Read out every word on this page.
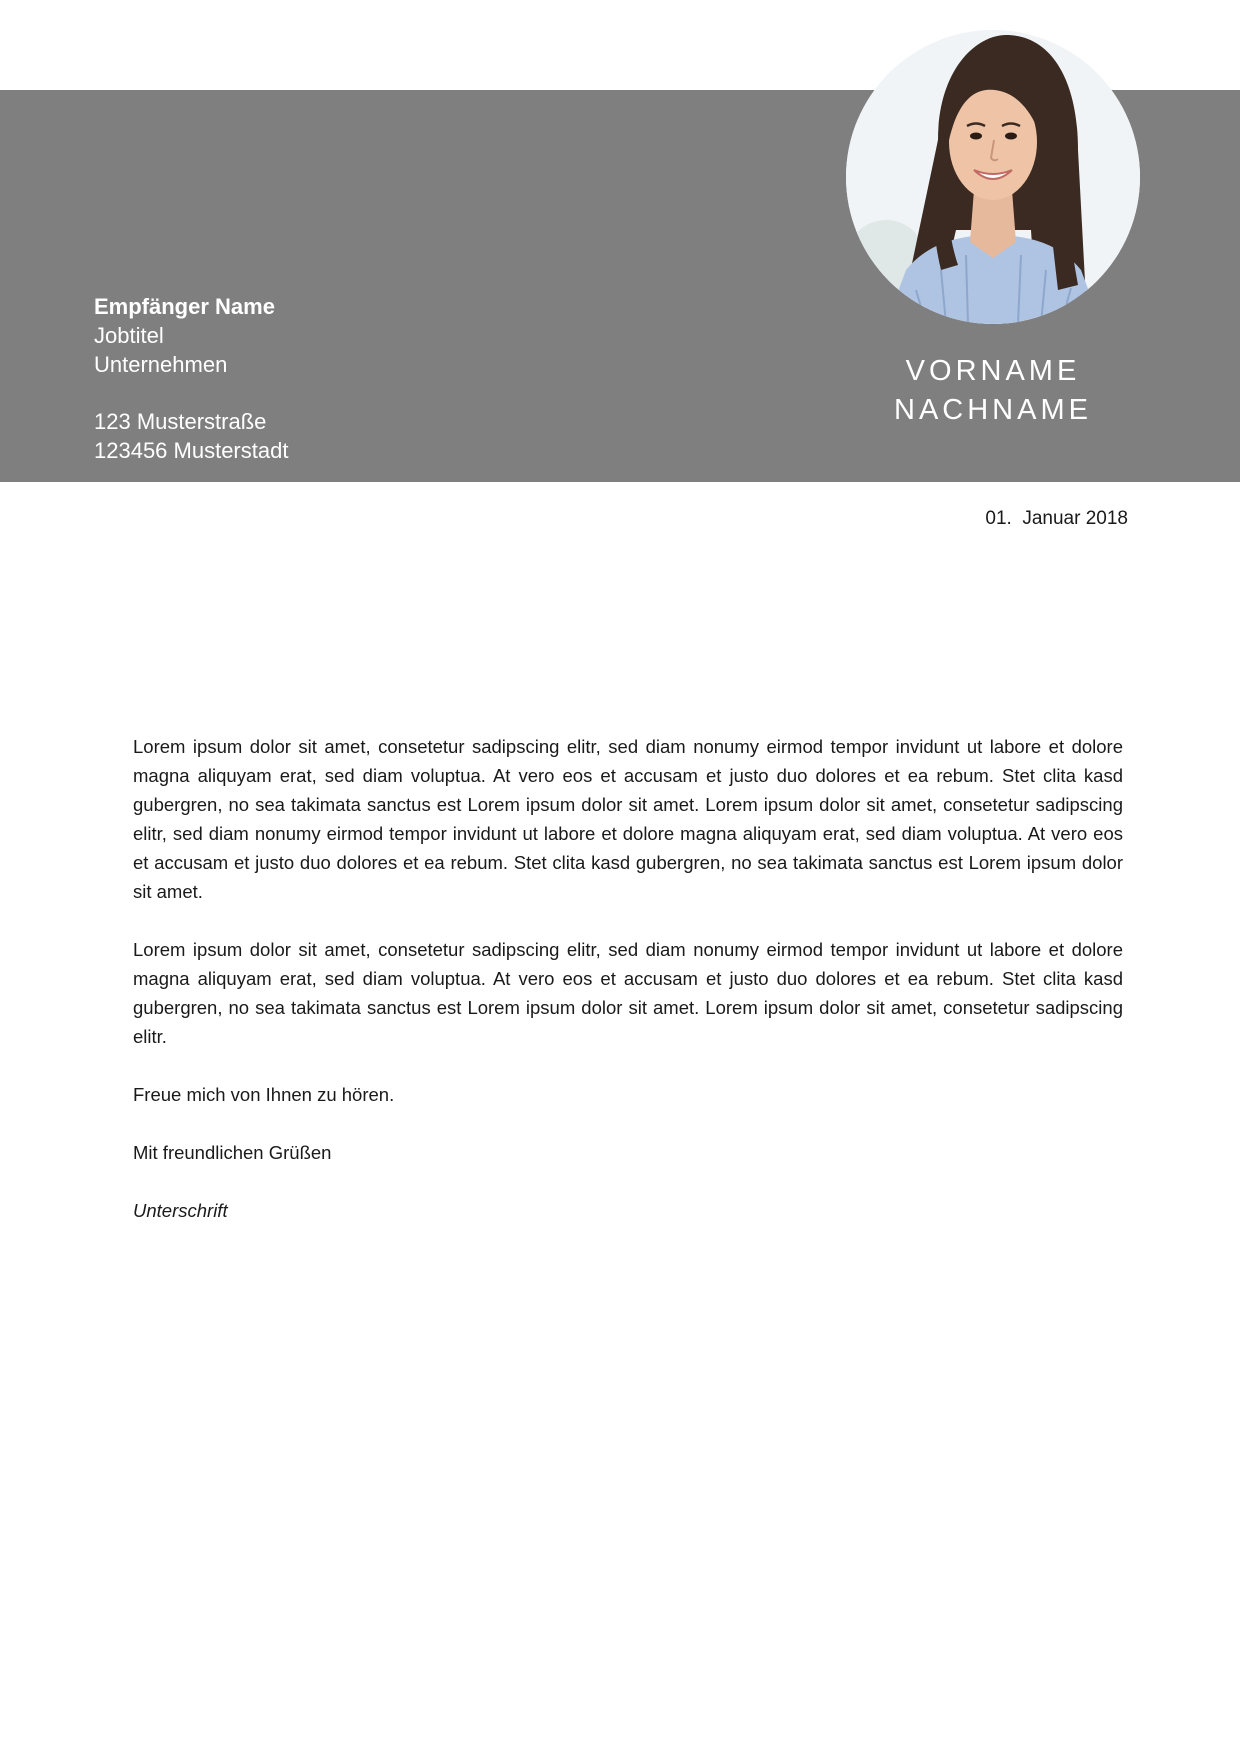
Empfänger Name
Jobtitel
Unternehmen
123 Musterstraße
123456 Musterstadt
VORNAME
NACHNAME
01.  Januar 2018

Lorem ipsum dolor sit amet, consetetur sadipscing elitr, sed diam nonumy eirmod tempor invidunt ut labore et dolore magna aliquyam erat, sed diam voluptua. At vero eos et accusam et justo duo dolores et ea rebum. Stet clita kasd gubergren, no sea takimata sanctus est Lorem ipsum dolor sit amet. Lorem ipsum dolor sit amet, consetetur sadipscing elitr, sed diam nonumy eirmod tempor invidunt ut labore et dolore magna aliquyam erat, sed diam voluptua. At vero eos et accusam et justo duo dolores et ea rebum. Stet clita kasd gubergren, no sea takimata sanctus est Lorem ipsum dolor sit amet.

Lorem ipsum dolor sit amet, consetetur sadipscing elitr, sed diam nonumy eirmod tempor invidunt ut labore et dolore magna aliquyam erat, sed diam voluptua. At vero eos et accusam et justo duo dolores et ea rebum. Stet clita kasd gubergren, no sea takimata sanctus est Lorem ipsum dolor sit amet. Lorem ipsum dolor sit amet, consetetur sadipscing elitr.

Freue mich von Ihnen zu hören.

Mit freundlichen Grüßen

Unterschrift
